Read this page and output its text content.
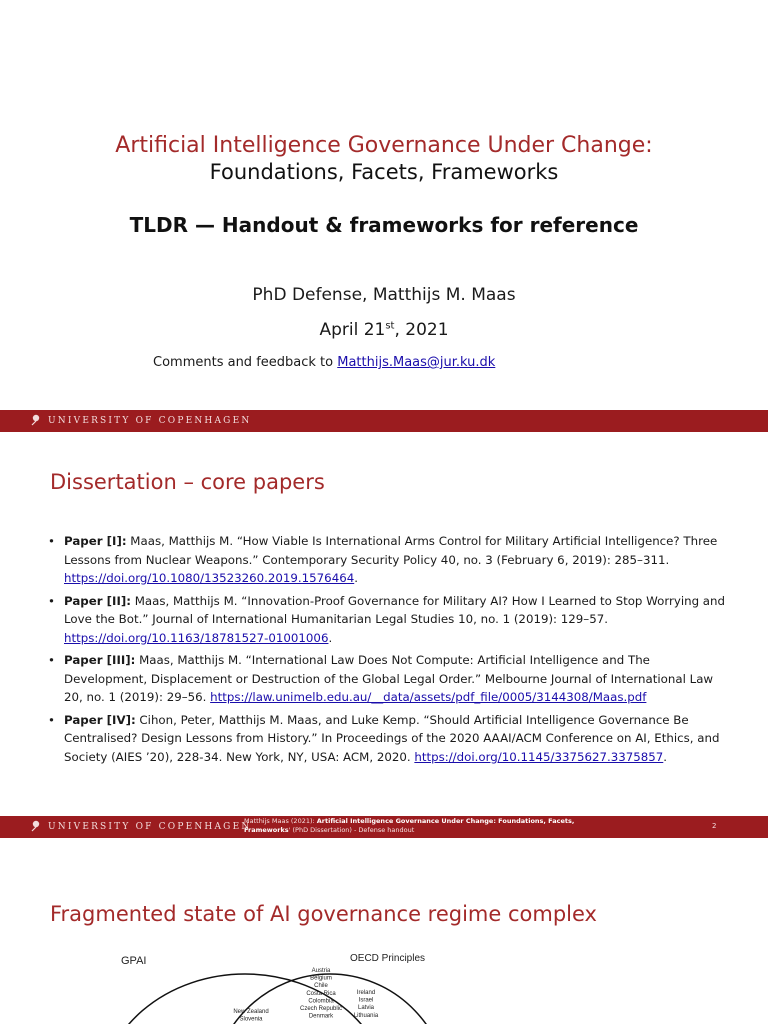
Artificial Intelligence Governance Under Change:
Foundations, Facets, Frameworks
TLDR — Handout & frameworks for reference
PhD Defense, Matthijs M. Maas
April 21st, 2021
Comments and feedback to Matthijs.Maas@jur.ku.dk
UNIVERSITY OF COPENHAGEN
Dissertation – core papers
• Paper [I]: Maas, Matthijs M. “How Viable Is International Arms Control for Military Artificial Intelligence? Three Lessons from Nuclear Weapons.” Contemporary Security Policy 40, no. 3 (February 6, 2019): 285–311. https://doi.org/10.1080/13523260.2019.1576464.
• Paper [II]: Maas, Matthijs M. “Innovation-Proof Governance for Military AI? How I Learned to Stop Worrying and Love the Bot.” Journal of International Humanitarian Legal Studies 10, no. 1 (2019): 129–57. https://doi.org/10.1163/18781527-01001006.
• Paper [III]: Maas, Matthijs M. “International Law Does Not Compute: Artificial Intelligence and The Development, Displacement or Destruction of the Global Legal Order.” Melbourne Journal of International Law 20, no. 1 (2019): 29–56. https://law.unimelb.edu.au/__data/assets/pdf_file/0005/3144308/Maas.pdf
• Paper [IV]: Cihon, Peter, Matthijs M. Maas, and Luke Kemp. “Should Artificial Intelligence Governance Be Centralised? Design Lessons from History.” In Proceedings of the 2020 AAAI/ACM Conference on AI, Ethics, and Society (AIES ’20), 228-34. New York, NY, USA: ACM, 2020. https://doi.org/10.1145/3375627.3375857.
UNIVERSITY OF COPENHAGEN
Matthijs Maas (2021): Artificial Intelligence Governance Under Change: Foundations, Facets,
Frameworks' (PhD Dissertation) - Defense handout	2
Fragmented state of AI governance regime complex
GPAI	OECD Principles
Austria
Belgium
Chile
Costa Rica
Colombia
Czech Republic
Denmark
Ireland
Israel
Latvia
Lithuania
New Zealand
Slovenia
